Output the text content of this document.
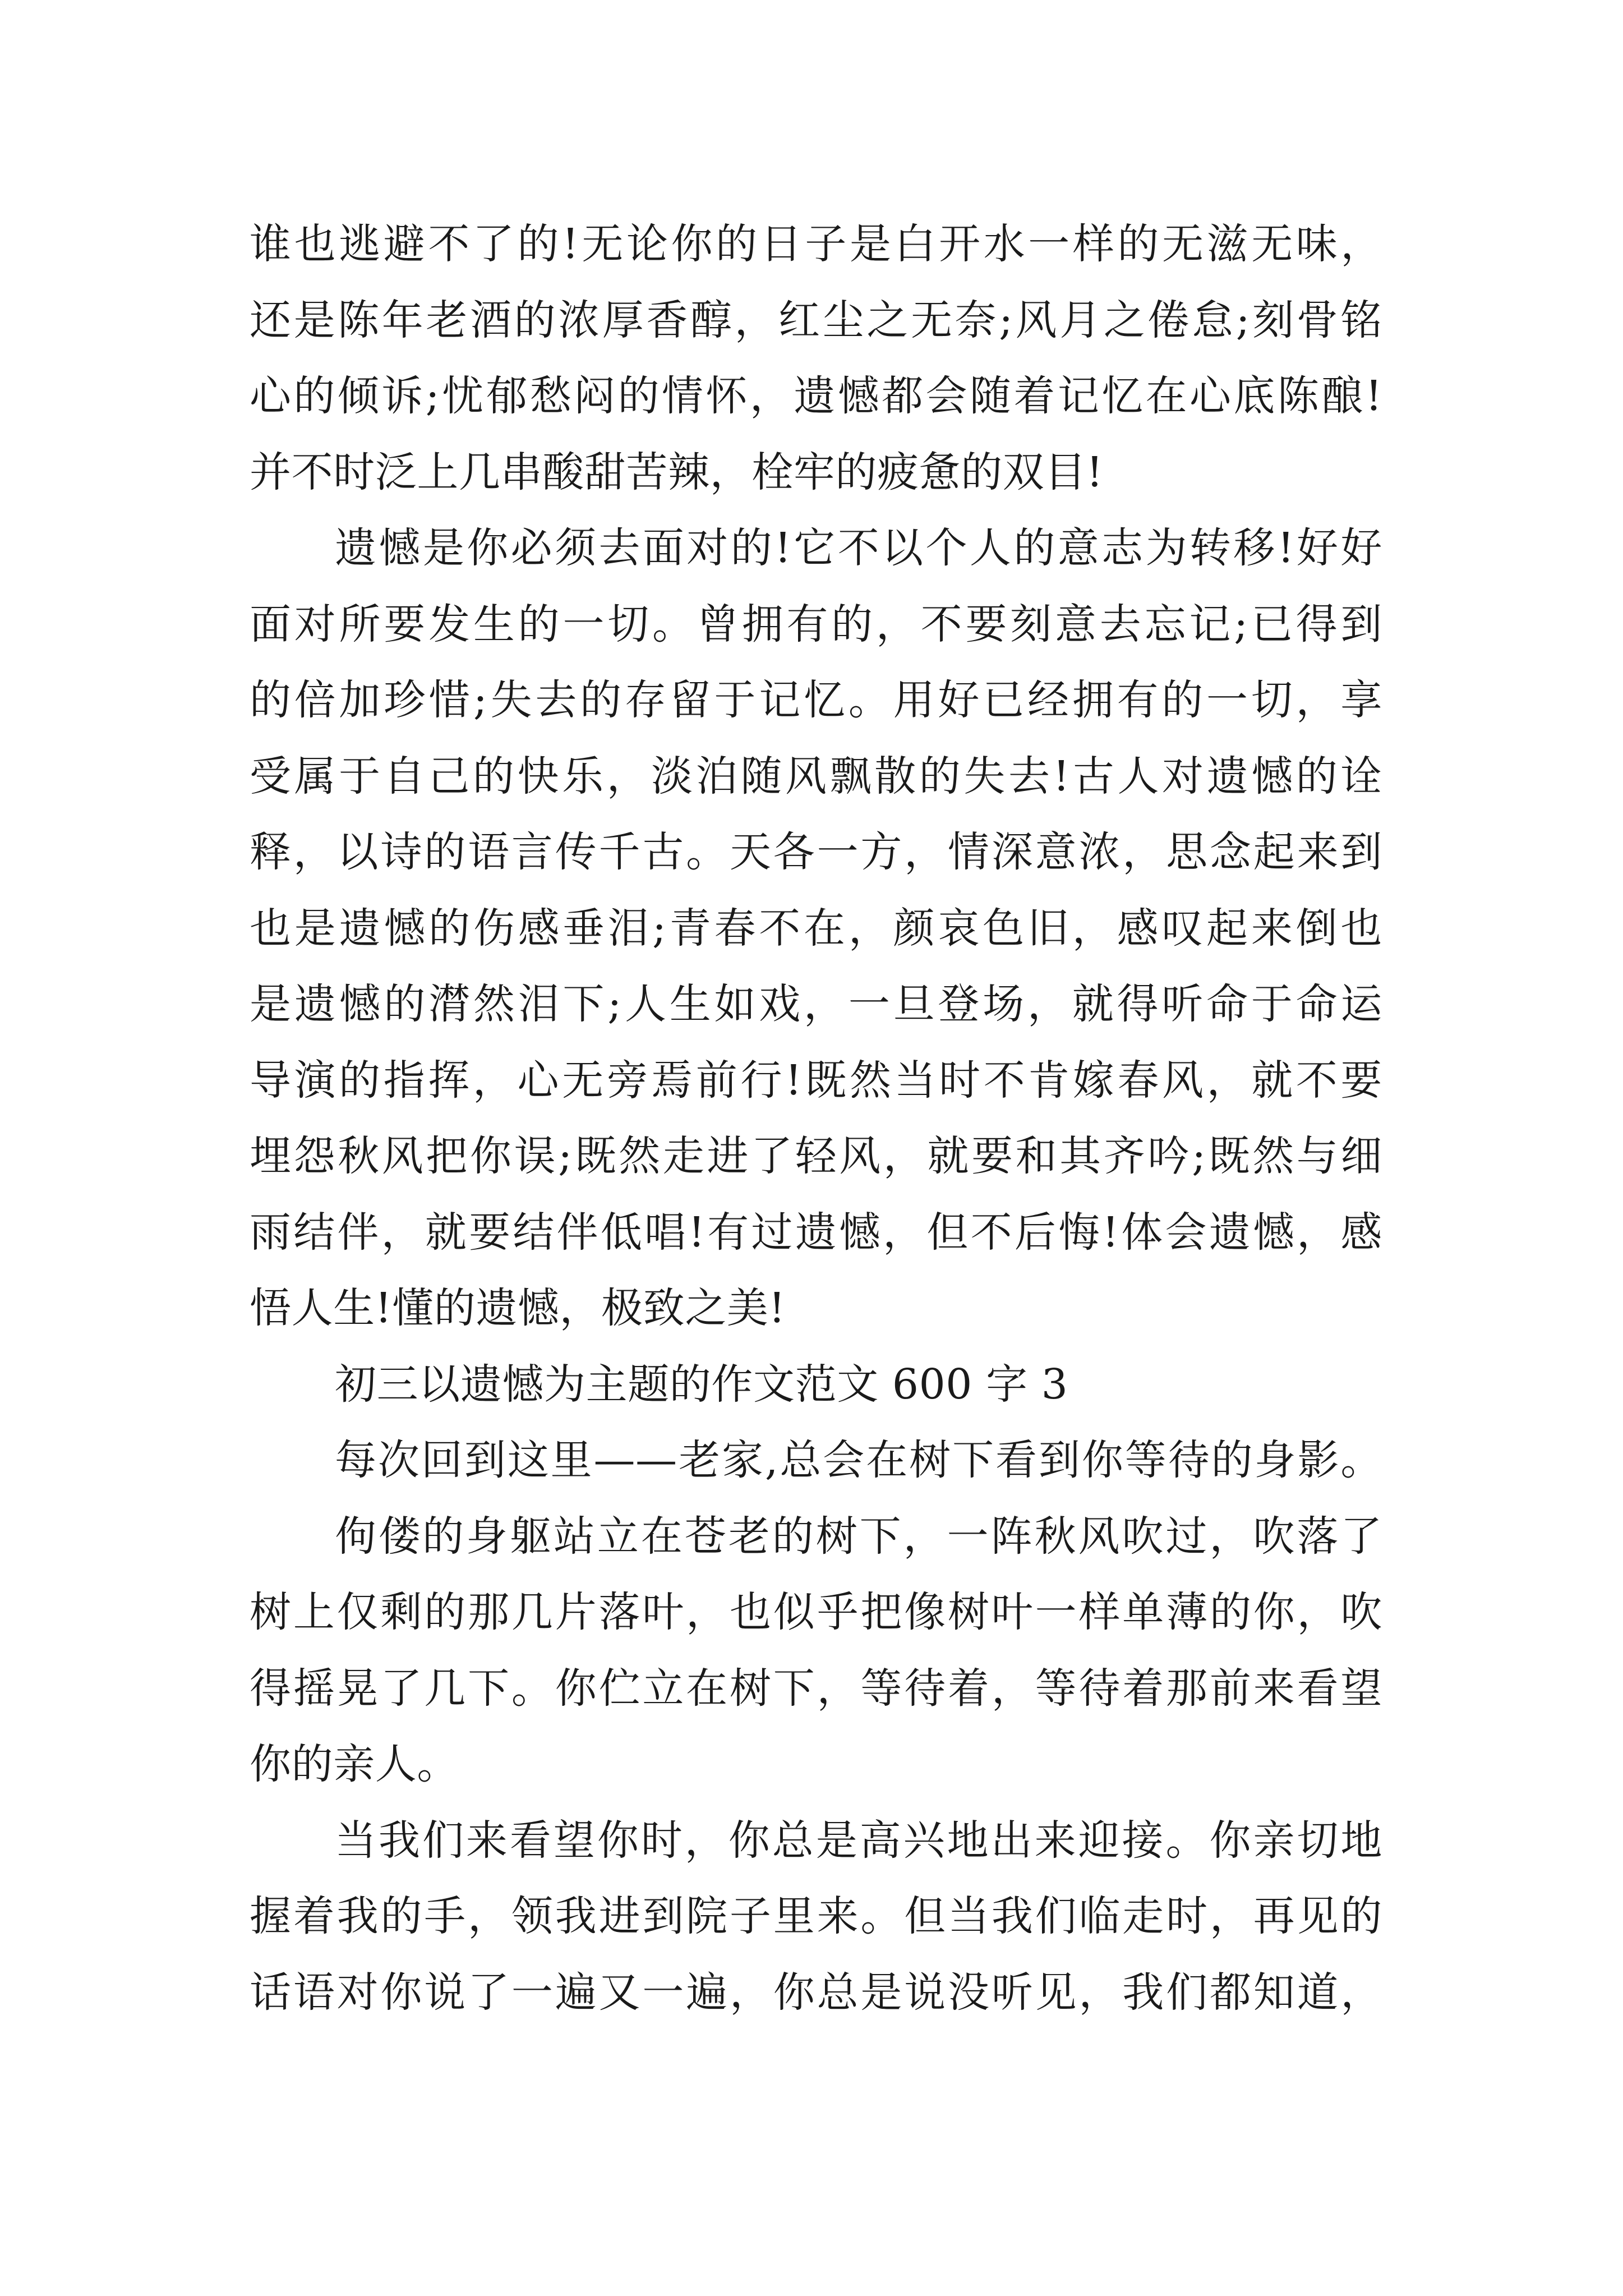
谁也逃避不了的!无论你的日子是白开水一样的无滋无味，
还是陈年老酒的浓厚香醇，红尘之无奈;风月之倦怠;刻骨铭
心的倾诉;忧郁愁闷的情怀，遗憾都会随着记忆在心底陈酿!
并不时泛上几串酸甜苦辣，栓牢的疲惫的双目!
遗憾是你必须去面对的!它不以个人的意志为转移!好好
面对所要发生的一切。曾拥有的，不要刻意去忘记;已得到
的倍加珍惜;失去的存留于记忆。用好已经拥有的一切，享
受属于自己的快乐，淡泊随风飘散的失去!古人对遗憾的诠
释，以诗的语言传千古。天各一方，情深意浓，思念起来到
也是遗憾的伤感垂泪;青春不在，颜哀色旧，感叹起来倒也
是遗憾的潸然泪下;人生如戏，一旦登场，就得听命于命运
导演的指挥，心无旁焉前行!既然当时不肯嫁春风，就不要
埋怨秋风把你误;既然走进了轻风，就要和其齐吟;既然与细
雨结伴，就要结伴低唱!有过遗憾，但不后悔!体会遗憾，感
悟人生!懂的遗憾，极致之美!
初三以遗憾为主题的作文范文 600 字 3
每次回到这里——老家,总会在树下看到你等待的身影。
佝偻的身躯站立在苍老的树下，一阵秋风吹过，吹落了
树上仅剩的那几片落叶，也似乎把像树叶一样单薄的你，吹
得摇晃了几下。你伫立在树下，等待着，等待着那前来看望
你的亲人。
当我们来看望你时，你总是高兴地出来迎接。你亲切地
握着我的手，领我进到院子里来。但当我们临走时，再见的
话语对你说了一遍又一遍，你总是说没听见，我们都知道，
